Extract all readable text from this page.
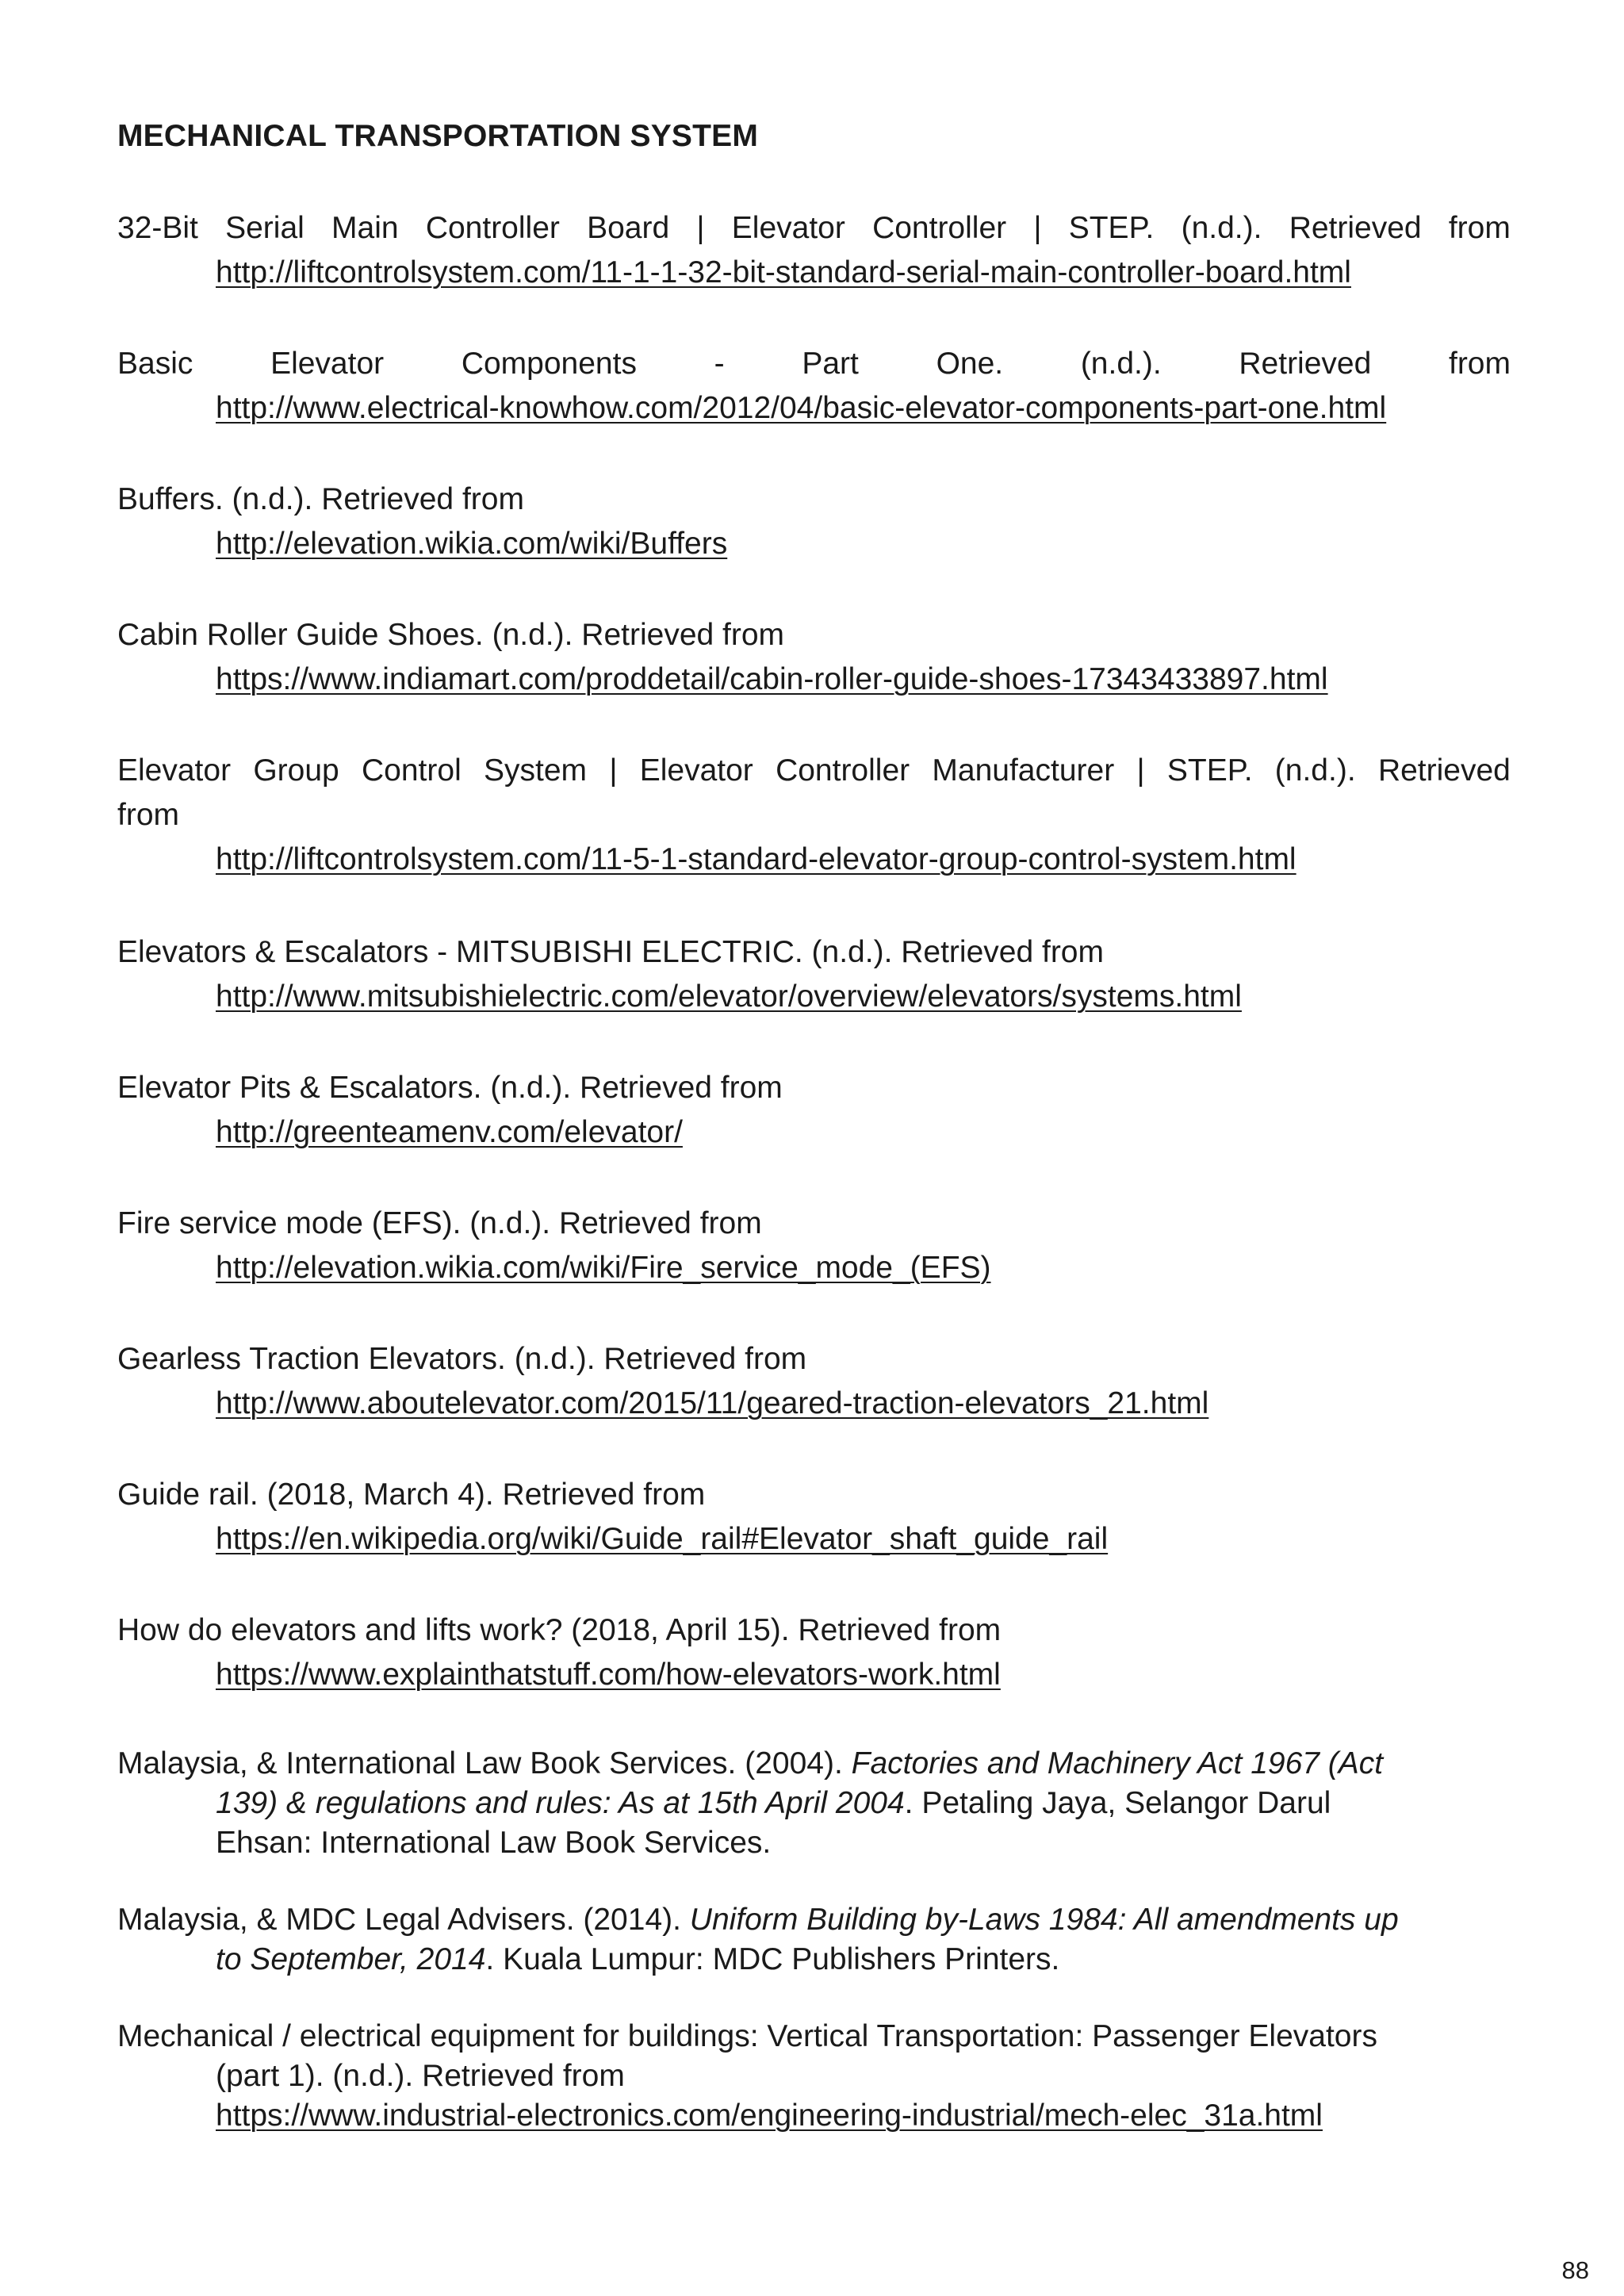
MECHANICAL TRANSPORTATION SYSTEM
32-Bit Serial Main Controller Board | Elevator Controller | STEP. (n.d.). Retrieved from
http://liftcontrolsystem.com/11-1-1-32-bit-standard-serial-main-controller-board.html
Basic	Elevator	Components	-	Part	One.	(n.d.).	Retrieved	from
http://www.electrical-knowhow.com/2012/04/basic-elevator-components-part-one.html
Buffers. (n.d.). Retrieved from
http://elevation.wikia.com/wiki/Buffers
Cabin Roller Guide Shoes. (n.d.). Retrieved from
https://www.indiamart.com/proddetail/cabin-roller-guide-shoes-17343433897.html
Elevator Group Control System | Elevator Controller Manufacturer | STEP. (n.d.). Retrieved
from
http://liftcontrolsystem.com/11-5-1-standard-elevator-group-control-system.html
Elevators & Escalators - MITSUBISHI ELECTRIC. (n.d.). Retrieved from
http://www.mitsubishielectric.com/elevator/overview/elevators/systems.html
Elevator Pits & Escalators. (n.d.). Retrieved from
http://greenteamenv.com/elevator/
Fire service mode (EFS). (n.d.). Retrieved from
http://elevation.wikia.com/wiki/Fire_service_mode_(EFS)
Gearless Traction Elevators. (n.d.). Retrieved from
http://www.aboutelevator.com/2015/11/geared-traction-elevators_21.html
Guide rail. (2018, March 4). Retrieved from
https://en.wikipedia.org/wiki/Guide_rail#Elevator_shaft_guide_rail
How do elevators and lifts work? (2018, April 15). Retrieved from
https://www.explainthatstuff.com/how-elevators-work.html
Malaysia, & International Law Book Services. (2004). Factories and Machinery Act 1967 (Act
139) & regulations and rules: As at 15th April 2004. Petaling Jaya, Selangor Darul
Ehsan: International Law Book Services.
Malaysia, & MDC Legal Advisers. (2014). Uniform Building by-Laws 1984: All amendments up
to September, 2014. Kuala Lumpur: MDC Publishers Printers.
Mechanical / electrical equipment for buildings: Vertical Transportation: Passenger Elevators
(part 1). (n.d.). Retrieved from
https://www.industrial-electronics.com/engineering-industrial/mech-elec_31a.html

88
